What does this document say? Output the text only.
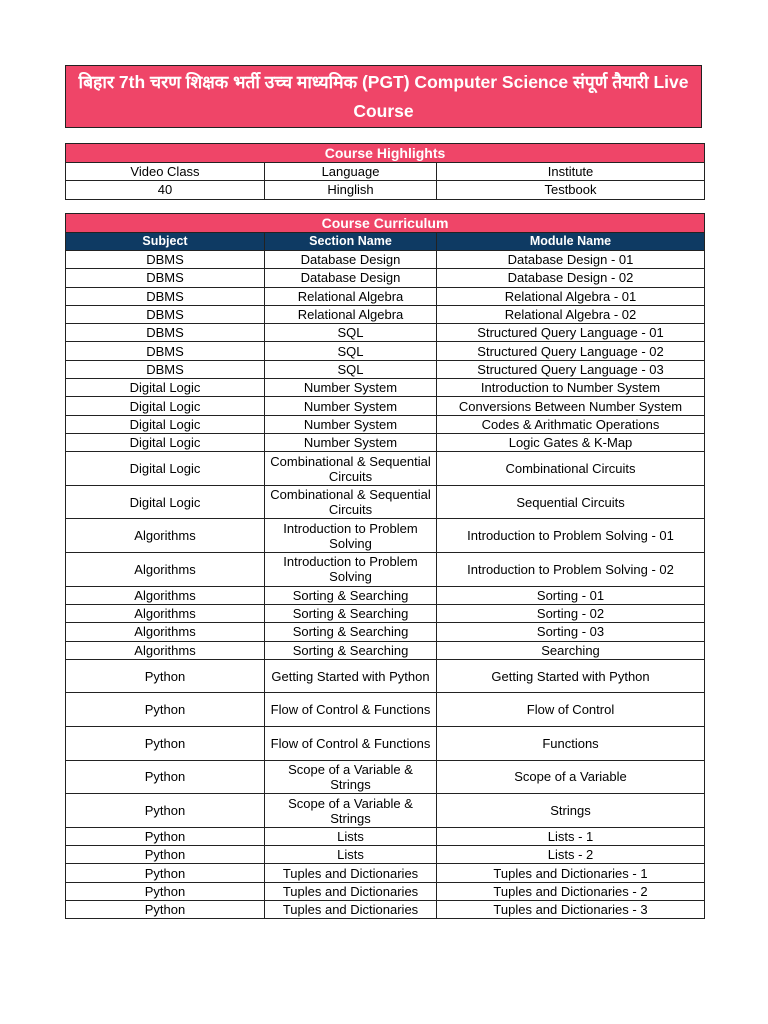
बिहार 7th चरण शिक्षक भर्ती उच्च माध्यमिक (PGT) Computer Science संपूर्ण तैयारी Live Course
Course Highlights		
Video Class	Language	Institute
40	Hinglish	Testbook
Course Curriculum		
Subject	Section Name	Module Name
DBMS	Database Design	Database Design - 01
DBMS	Database Design	Database Design - 02
DBMS	Relational Algebra	Relational Algebra - 01
DBMS	Relational Algebra	Relational Algebra - 02
DBMS	SQL	Structured Query Language - 01
DBMS	SQL	Structured Query Language - 02
DBMS	SQL	Structured Query Language - 03
Digital Logic	Number System	Introduction to Number System
Digital Logic	Number System	Conversions Between Number System
Digital Logic	Number System	Codes & Arithmatic Operations
Digital Logic	Number System	Logic Gates & K-Map
Digital Logic	Combinational & Sequential Circuits	Combinational Circuits
Digital Logic	Combinational & Sequential Circuits	Sequential Circuits
Algorithms	Introduction to Problem Solving	Introduction to Problem Solving - 01
Algorithms	Introduction to Problem Solving	Introduction to Problem Solving - 02
Algorithms	Sorting & Searching	Sorting - 01
Algorithms	Sorting & Searching	Sorting - 02
Algorithms	Sorting & Searching	Sorting - 03
Algorithms	Sorting & Searching	Searching
Python	Getting Started with Python	Getting Started with Python
Python	Flow of Control & Functions	Flow of Control
Python	Flow of Control & Functions	Functions
Python	Scope of a Variable & Strings	Scope of a Variable
Python	Scope of a Variable & Strings	Strings
Python	Lists	Lists - 1
Python	Lists	Lists - 2
Python	Tuples and Dictionaries	Tuples and Dictionaries - 1
Python	Tuples and Dictionaries	Tuples and Dictionaries - 2
Python	Tuples and Dictionaries	Tuples and Dictionaries - 3
